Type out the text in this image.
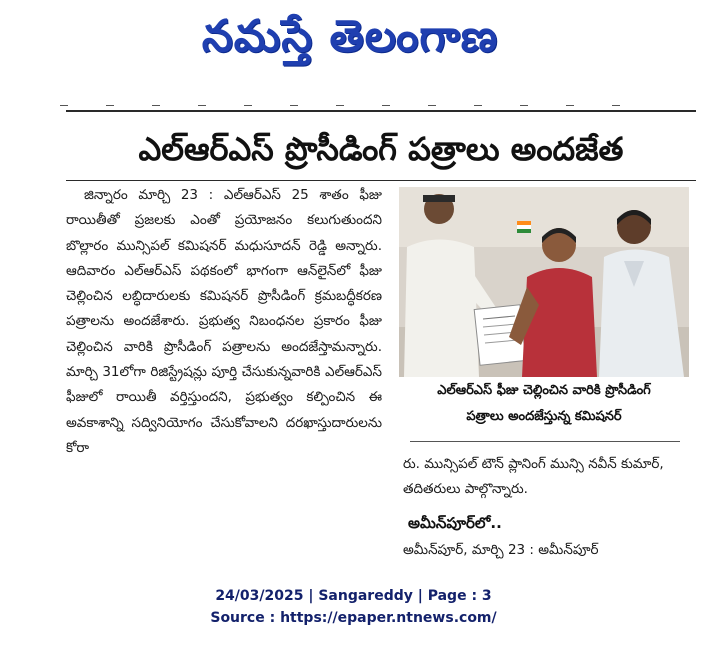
నమస్తే తెలంగాణ
ఎల్‌ఆర్‌ఎస్‌ ప్రొసీడింగ్‌ పత్రాలు అందజేత

జిన్నారం మార్చి 23 : ఎల్‌ఆర్‌ఎస్‌ 25 శాతం ఫీజు రాయితీతో ప్రజలకు ఎంతో ప్రయోజనం కలుగుతుందని బొల్లారం మున్సిపల్‌ కమిషనర్‌ మధుసూదన్‌ రెడ్డి అన్నారు. ఆదివారం ఎల్‌ఆర్‌ఎస్‌ పథకంలో భాగంగా ఆన్‌లైన్‌లో ఫీజు చెల్లించిన లబ్ధిదారులకు కమిషనర్‌ ప్రొసీడింగ్‌ క్రమబద్ధీకరణ పత్రాలను అందజేశారు. ప్రభుత్వ నిబంధనల ప్రకారం ఫీజు చెల్లించిన వారికి ప్రొసీడింగ్‌ పత్రాలను అందజేస్తామన్నారు. మార్చి 31లోగా రిజిస్ట్రేషన్లు పూర్తి చేసుకున్నవారికి ఎల్‌ఆర్‌ఎస్‌ ఫీజులో రాయితీ వర్తిస్తుందని, ప్రభుత్వం కల్పించిన ఈ అవకాశాన్ని సద్వినియోగం చేసుకోవాలని దరఖాస్తుదారులను కోరా

ఎల్‌ఆర్‌ఎస్‌ ఫీజు చెల్లించిన వారికి ప్రొసీడింగ్‌
పత్రాలు అందజేస్తున్న కమిషనర్‌
రు. మున్సిపల్‌ టౌన్‌ ప్లానింగ్‌ మున్సి నవీన్‌ కుమార్‌, తదితరులు పాల్గొన్నారు.
అమీన్‌పూర్‌లో..
అమీన్‌పూర్‌, మార్చి 23 : అమీన్‌పూర్‌
24/03/2025 | Sangareddy | Page : 3
Source : https://epaper.ntnews.com/
